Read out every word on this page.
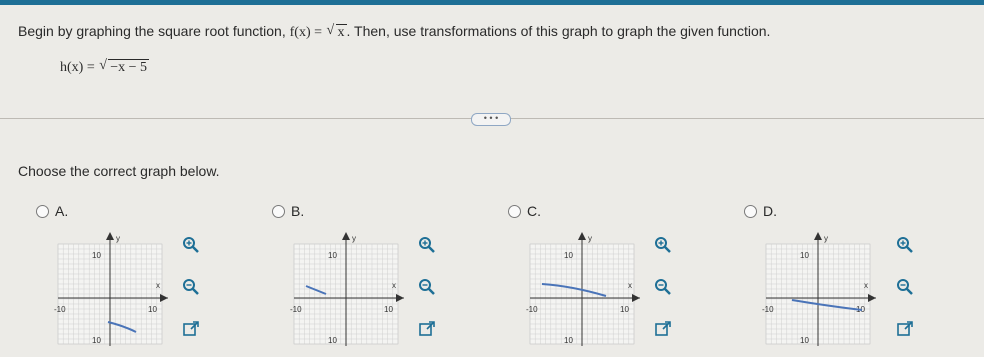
Begin by graphing the square root function, f(x) = √ x . Then, use transformations of this graph to graph the given function.
h(x) = √ −x − 5
• • •
Choose the correct graph below.
A.	B.	C.	D.
y
x
10
10
-10	10
y
x
10
10
-10	10
y
x
10
10
-10	10
y
x
10
10
-10	10
